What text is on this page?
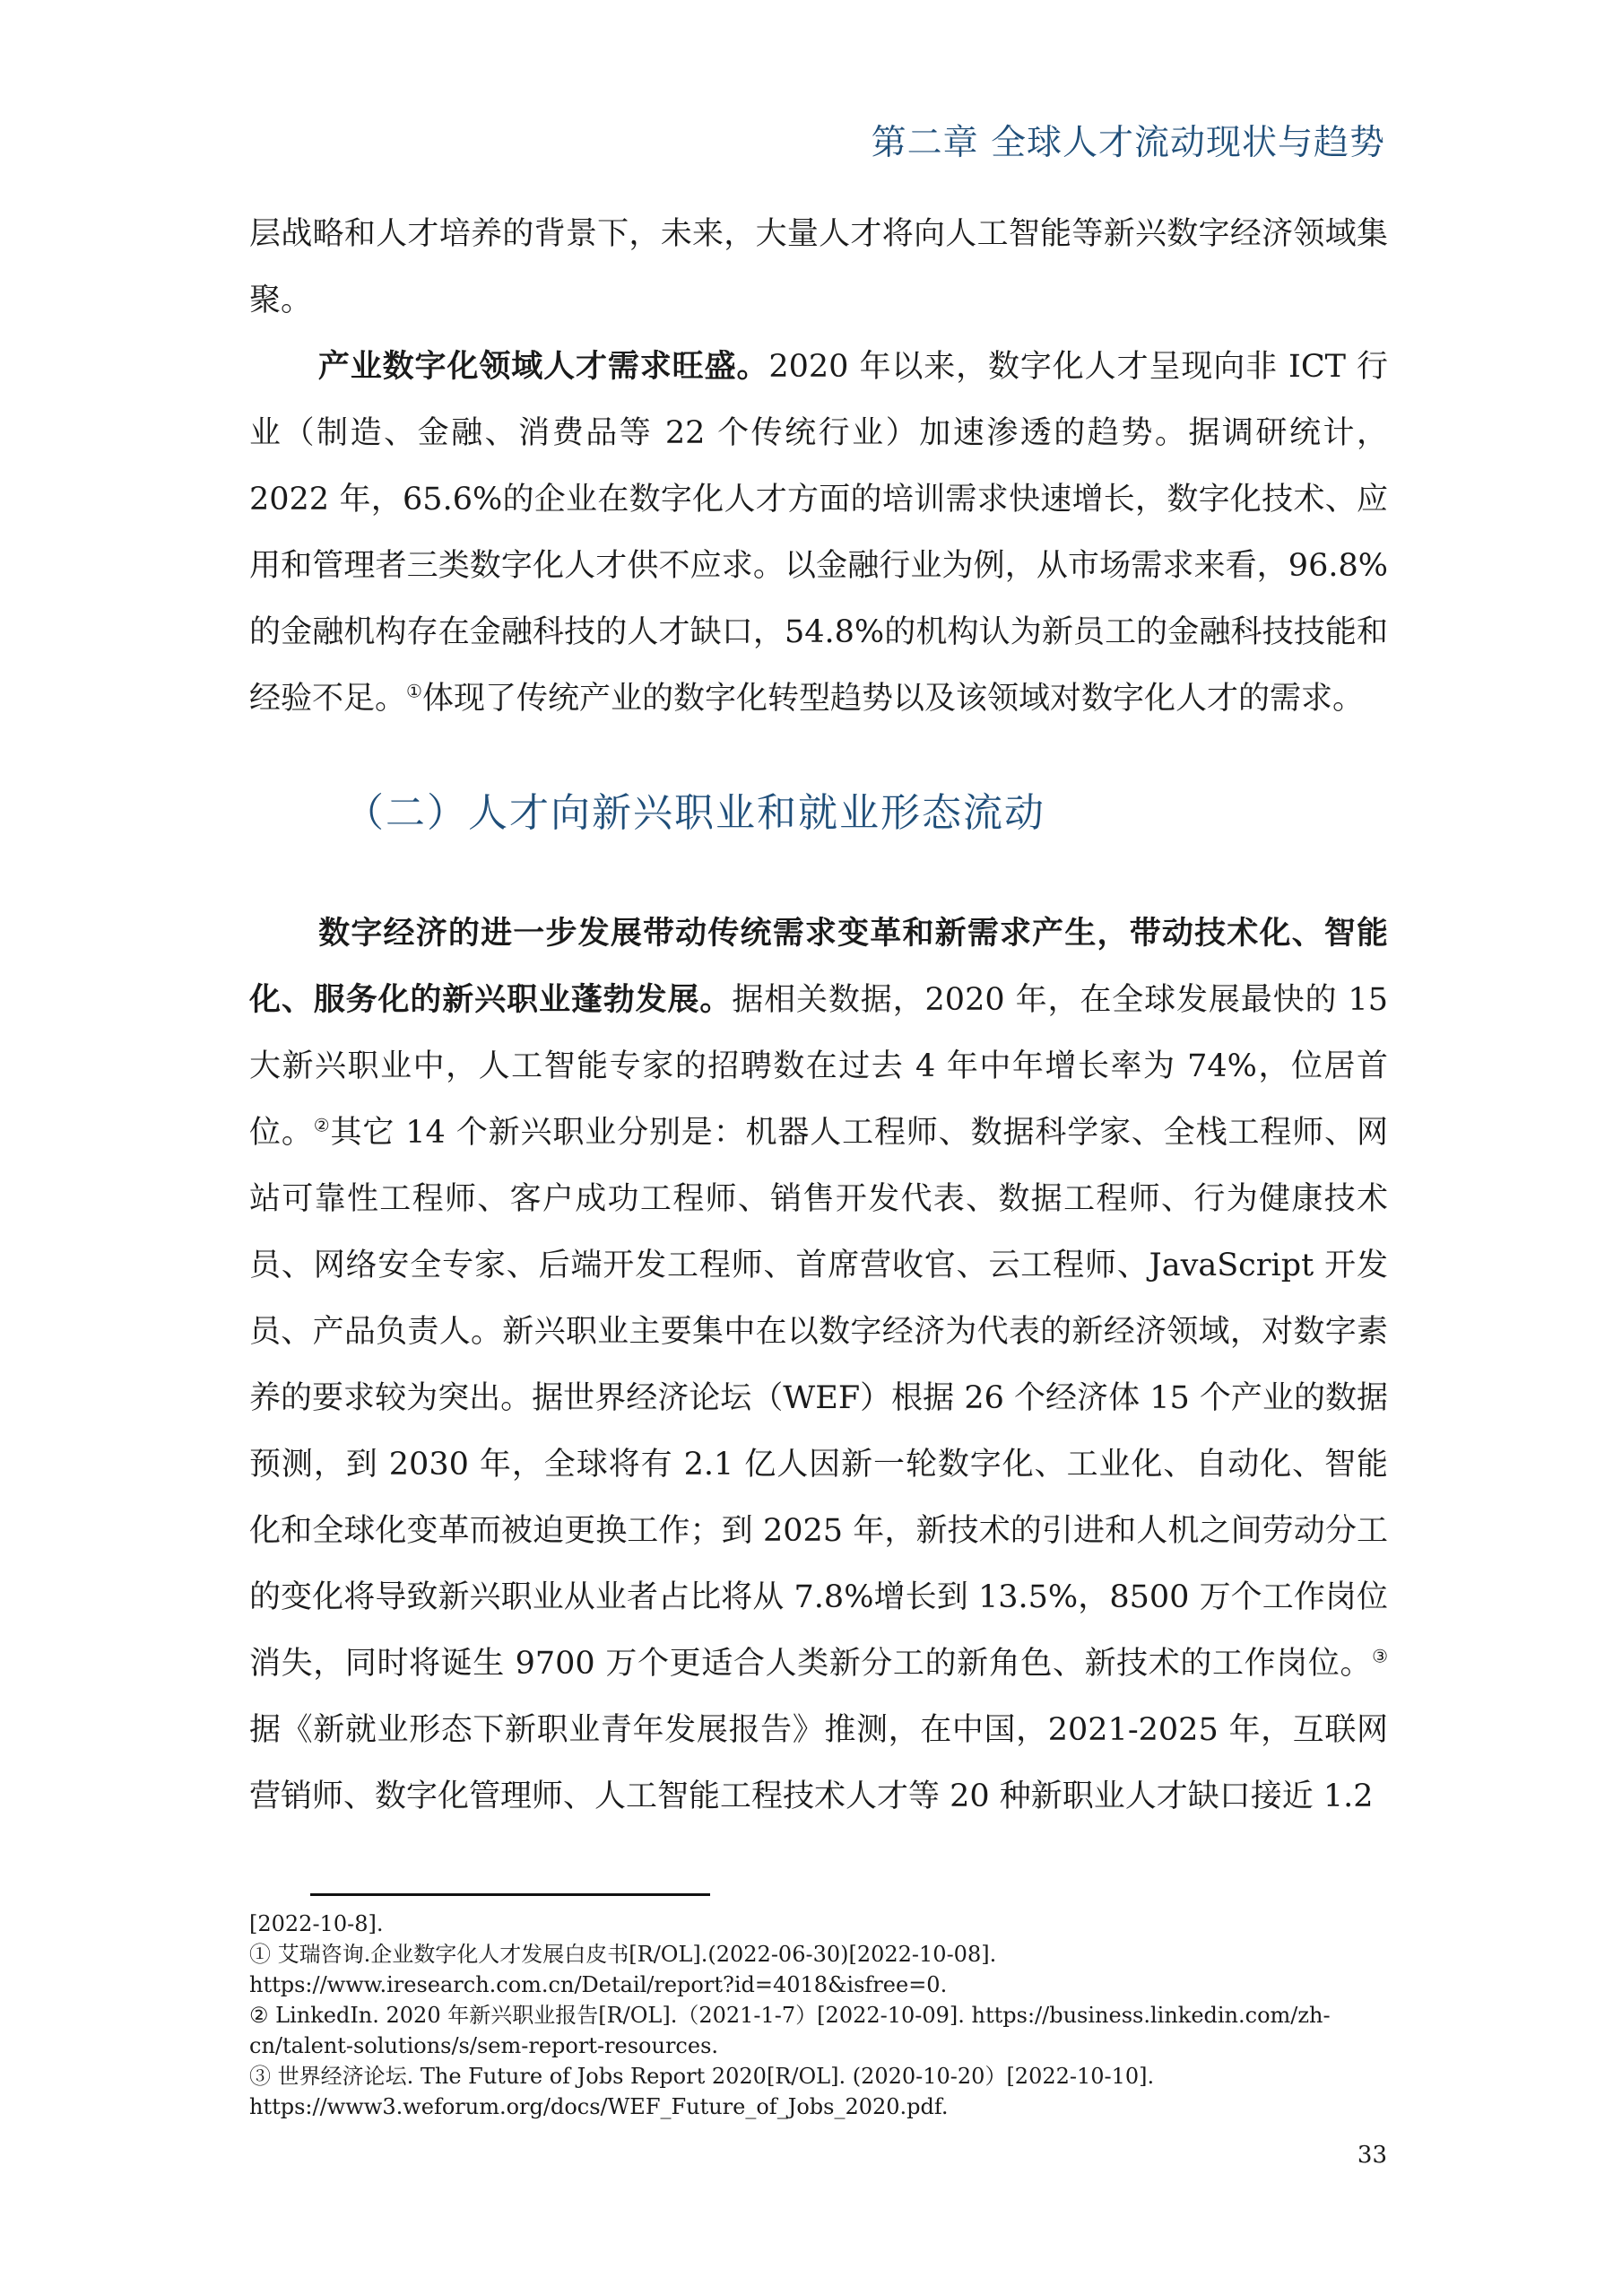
第二章 全球人才流动现状与趋势

层战略和人才培养的背景下，未来，大量人才将向人工智能等新兴数字经济领域集聚。

产业数字化领域人才需求旺盛。2020 年以来，数字化人才呈现向非 ICT 行业（制造、金融、消费品等 22 个传统行业）加速渗透的趋势。据调研统计，2022 年，65.6%的企业在数字化人才方面的培训需求快速增长，数字化技术、应用和管理者三类数字化人才供不应求。以金融行业为例，从市场需求来看，96.8%的金融机构存在金融科技的人才缺口，54.8%的机构认为新员工的金融科技技能和经验不足。①体现了传统产业的数字化转型趋势以及该领域对数字化人才的需求。

（二）人才向新兴职业和就业形态流动

数字经济的进一步发展带动传统需求变革和新需求产生，带动技术化、智能化、服务化的新兴职业蓬勃发展。据相关数据，2020 年，在全球发展最快的 15 大新兴职业中，人工智能专家的招聘数在过去 4 年中年增长率为 74%，位居首位。②其它 14 个新兴职业分别是：机器人工程师、数据科学家、全栈工程师、网站可靠性工程师、客户成功工程师、销售开发代表、数据工程师、行为健康技术员、网络安全专家、后端开发工程师、首席营收官、云工程师、JavaScript 开发员、产品负责人。新兴职业主要集中在以数字经济为代表的新经济领域，对数字素养的要求较为突出。据世界经济论坛（WEF）根据 26 个经济体 15 个产业的数据预测，到 2030 年，全球将有 2.1 亿人因新一轮数字化、工业化、自动化、智能化和全球化变革而被迫更换工作；到 2025 年，新技术的引进和人机之间劳动分工的变化将导致新兴职业从业者占比将从 7.8%增长到 13.5%，8500 万个工作岗位消失，同时将诞生 9700 万个更适合人类新分工的新角色、新技术的工作岗位。③据《新就业形态下新职业青年发展报告》推测，在中国，2021-2025 年，互联网营销师、数字化管理师、人工智能工程技术人才等 20 种新职业人才缺口接近 1.2

[2022-10-8].
① 艾瑞咨询.企业数字化人才发展白皮书[R/OL].(2022-06-30)[2022-10-08].
https://www.iresearch.com.cn/Detail/report?id=4018&isfree=0.
② LinkedIn. 2020 年新兴职业报告[R/OL].（2021-1-7）[2022-10-09]. https://business.linkedin.com/zh-
cn/talent-solutions/s/sem-report-resources.
③ 世界经济论坛. The Future of Jobs Report 2020[R/OL]. (2020-10-20）[2022-10-10].
https://www3.weforum.org/docs/WEF_Future_of_Jobs_2020.pdf.
33
